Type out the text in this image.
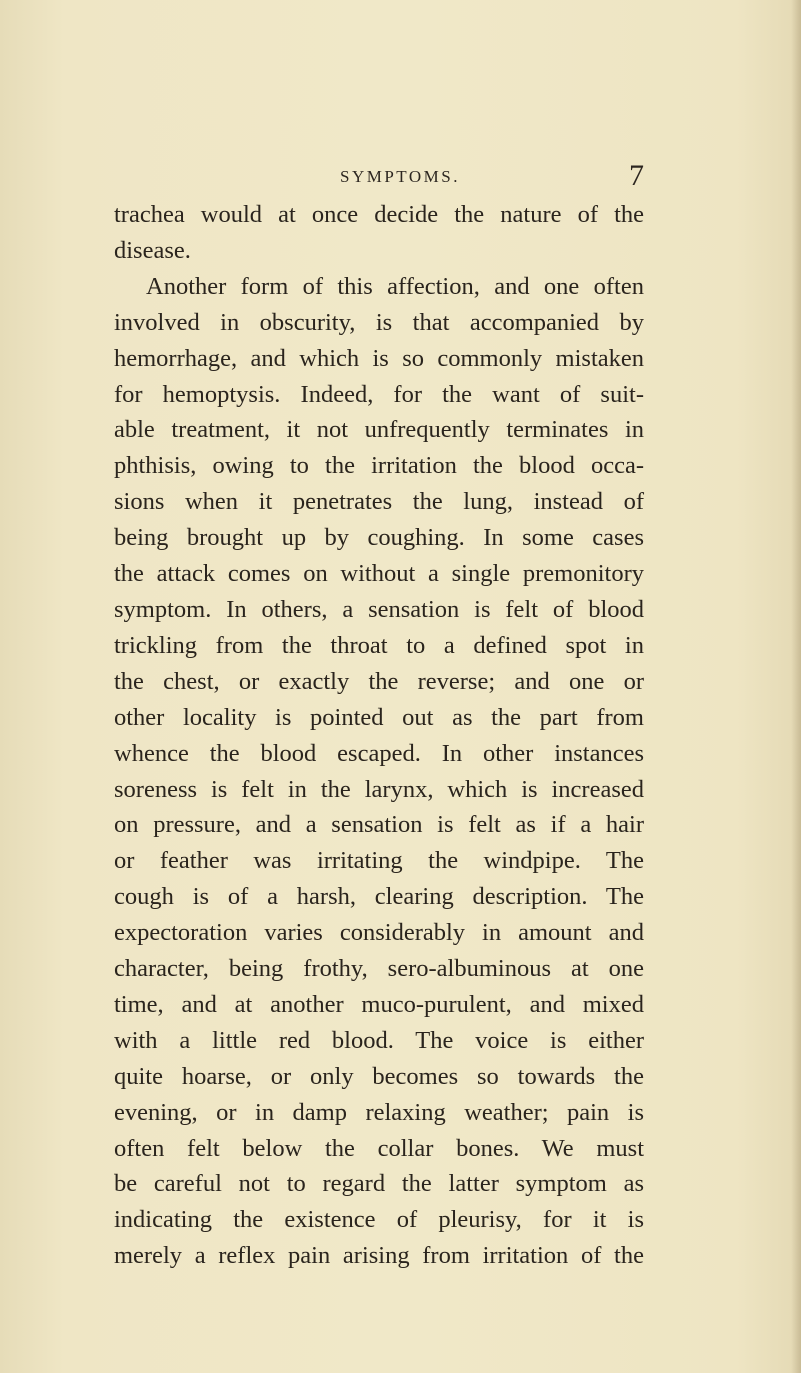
SYMPTOMS.	7
trachea would at once decide the nature of the
disease.
Another form of this affection, and one often
involved in obscurity, is that accompanied by
hemorrhage, and which is so commonly mistaken
for hemoptysis. Indeed, for the want of suit-
able treatment, it not unfrequently terminates in
phthisis, owing to the irritation the blood occa-
sions when it penetrates the lung, instead of
being brought up by coughing. In some cases
the attack comes on without a single premonitory
symptom. In others, a sensation is felt of blood
trickling from the throat to a defined spot in
the chest, or exactly the reverse; and one or
other locality is pointed out as the part from
whence the blood escaped. In other instances
soreness is felt in the larynx, which is increased
on pressure, and a sensation is felt as if a hair
or feather was irritating the windpipe. The
cough is of a harsh, clearing description. The
expectoration varies considerably in amount and
character, being frothy, sero-albuminous at one
time, and at another muco-purulent, and mixed
with a little red blood. The voice is either
quite hoarse, or only becomes so towards the
evening, or in damp relaxing weather; pain is
often felt below the collar bones. We must
be careful not to regard the latter symptom as
indicating the existence of pleurisy, for it is
merely a reflex pain arising from irritation of the
